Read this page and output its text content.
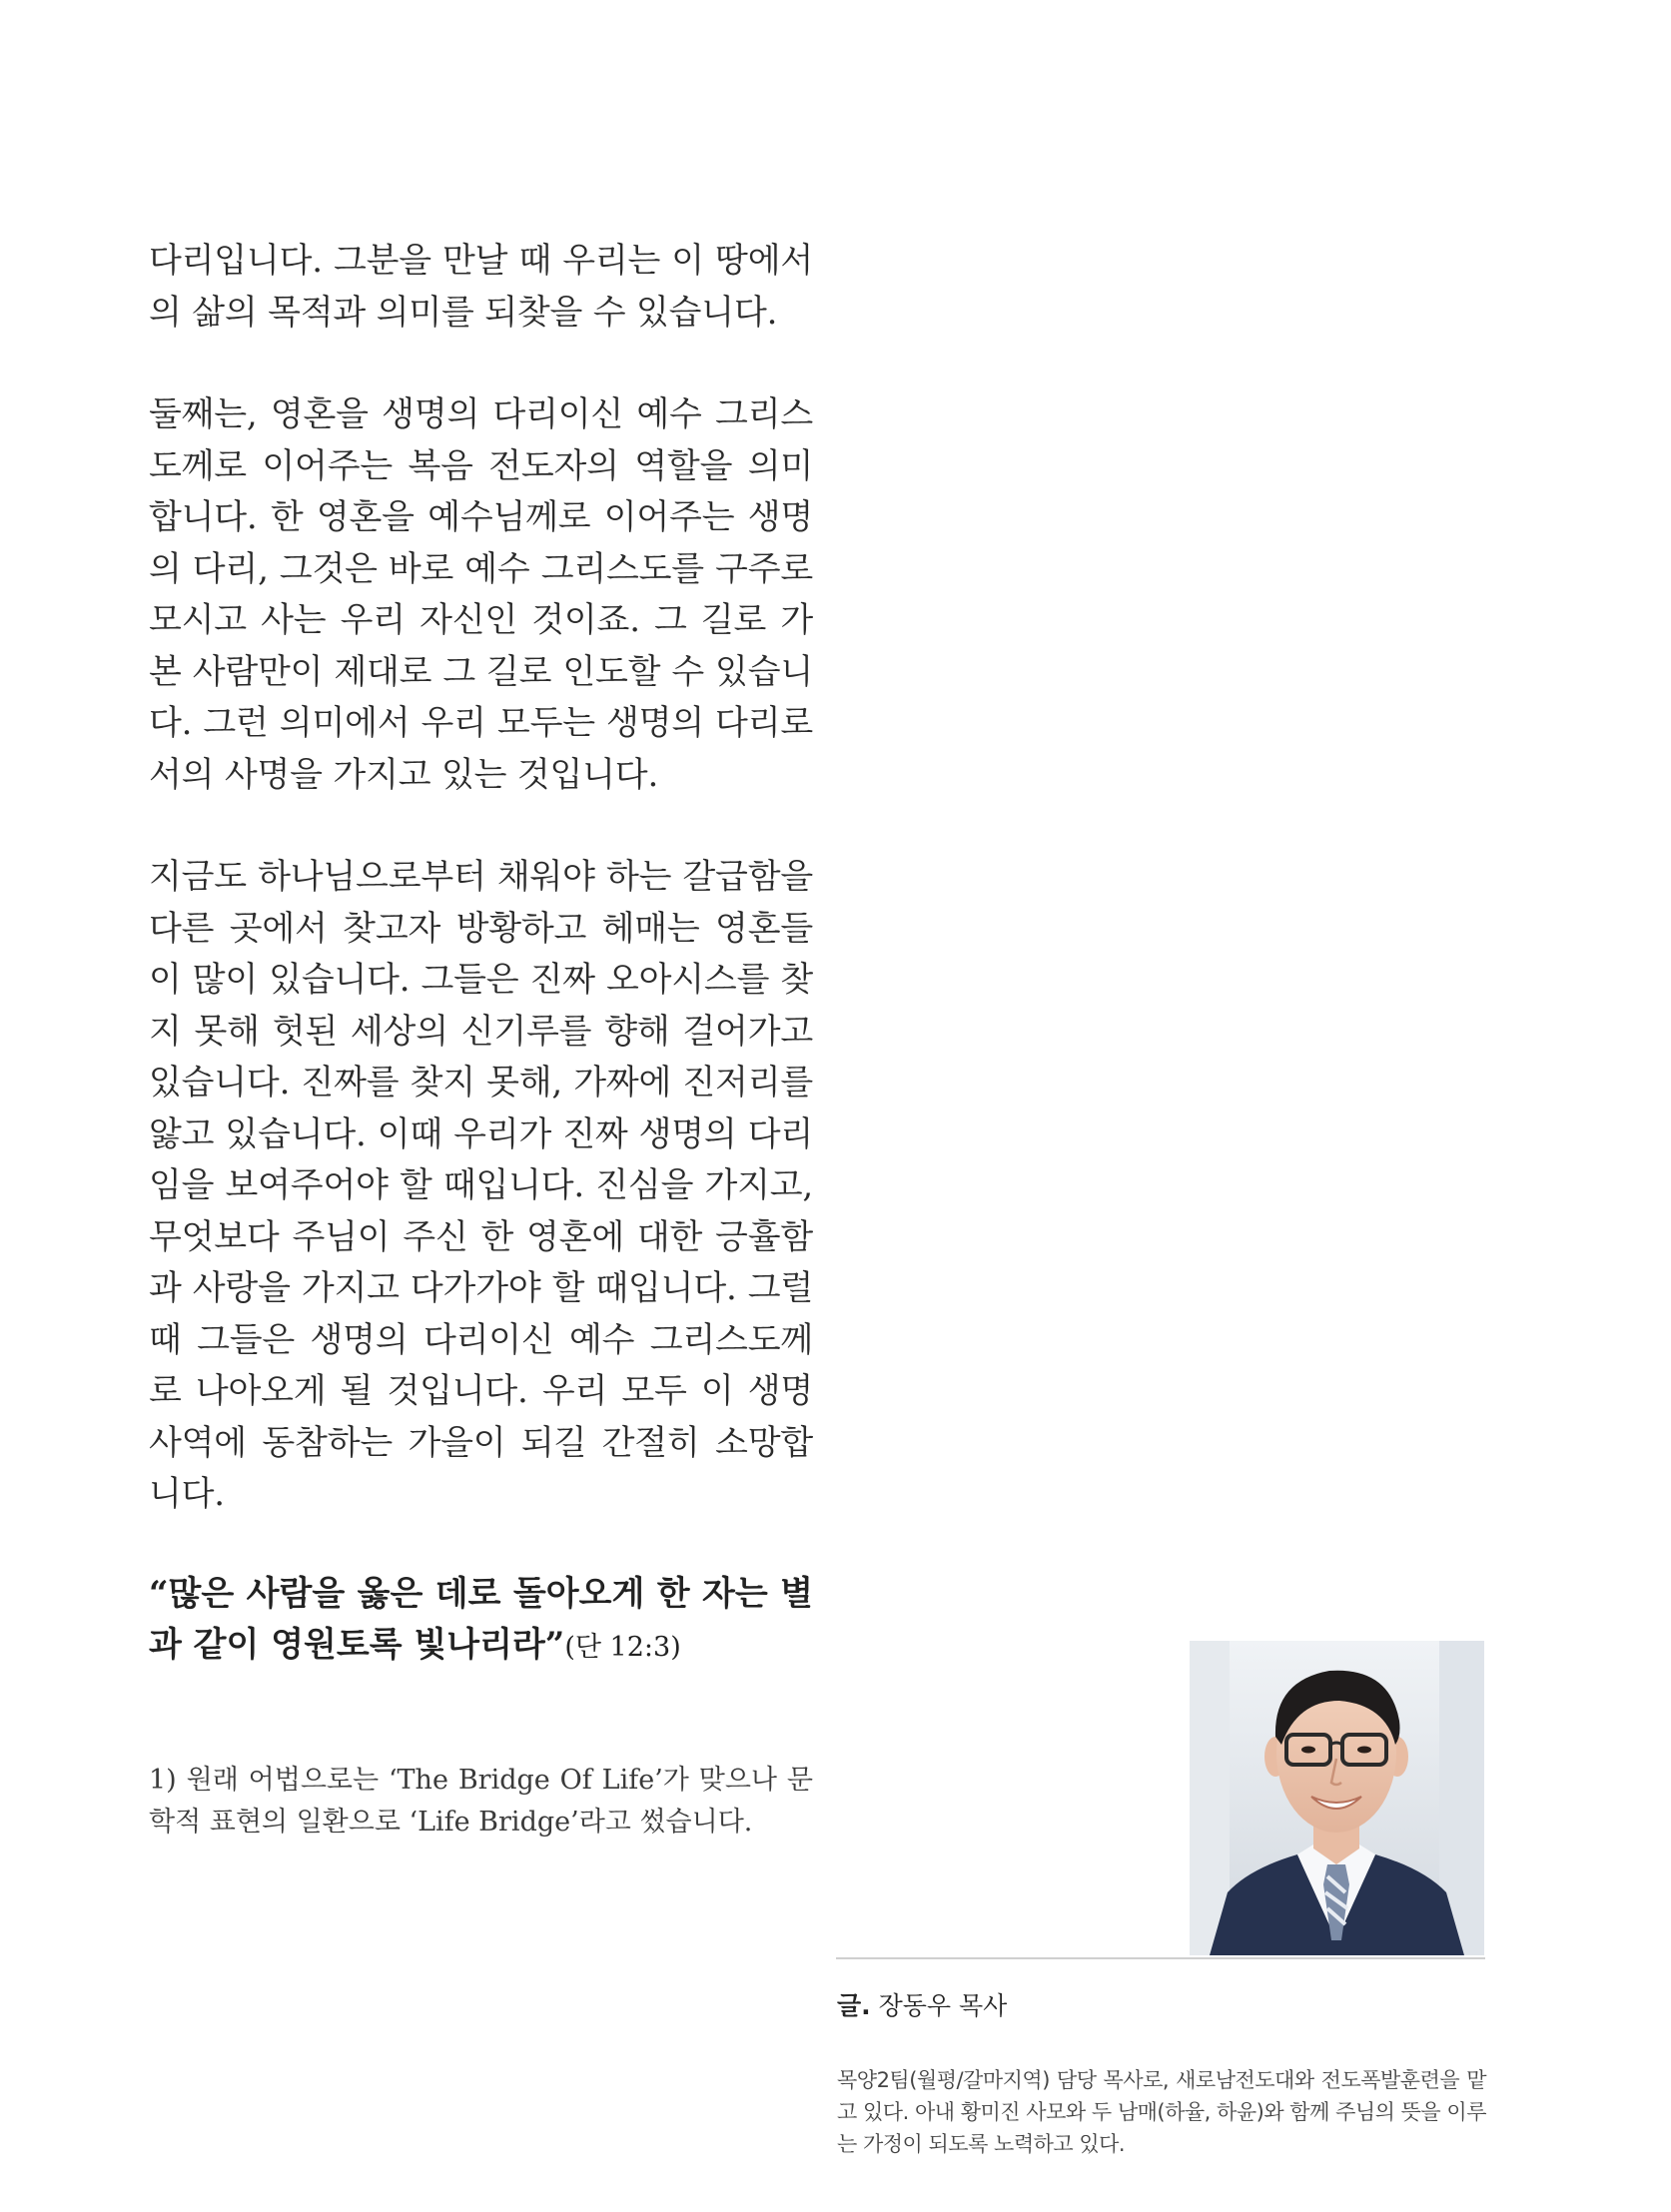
다리입니다. 그분을 만날 때 우리는 이 땅에서의 삶의 목적과 의미를 되찾을 수 있습니다.

둘째는, 영혼을 생명의 다리이신 예수 그리스도께로 이어주는 복음 전도자의 역할을 의미합니다. 한 영혼을 예수님께로 이어주는 생명의 다리, 그것은 바로 예수 그리스도를 구주로 모시고 사는 우리 자신인 것이죠. 그 길로 가본 사람만이 제대로 그 길로 인도할 수 있습니다. 그런 의미에서 우리 모두는 생명의 다리로서의 사명을 가지고 있는 것입니다.

지금도 하나님으로부터 채워야 하는 갈급함을 다른 곳에서 찾고자 방황하고 헤매는 영혼들이 많이 있습니다. 그들은 진짜 오아시스를 찾지 못해 헛된 세상의 신기루를 향해 걸어가고 있습니다. 진짜를 찾지 못해, 가짜에 진저리를 앓고 있습니다. 이때 우리가 진짜 생명의 다리임을 보여주어야 할 때입니다. 진심을 가지고, 무엇보다 주님이 주신 한 영혼에 대한 긍휼함과 사랑을 가지고 다가가야 할 때입니다. 그럴 때 그들은 생명의 다리이신 예수 그리스도께로 나아오게 될 것입니다. 우리 모두 이 생명사역에 동참하는 가을이 되길 간절히 소망합니다.

“많은 사람을 옳은 데로 돌아오게 한 자는 별과 같이 영원토록 빛나리라”(단 12:3)

1) 원래 어법으로는 ‘The Bridge Of Life’가 맞으나 문학적 표현의 일환으로 ‘Life Bridge’라고 썼습니다.

글. 장동우 목사

목양2팀(월평/갈마지역) 담당 목사로, 새로남전도대와 전도폭발훈련을 맡고 있다. 아내 황미진 사모와 두 남매(하율, 하윤)와 함께 주님의 뜻을 이루는 가정이 되도록 노력하고 있다.
